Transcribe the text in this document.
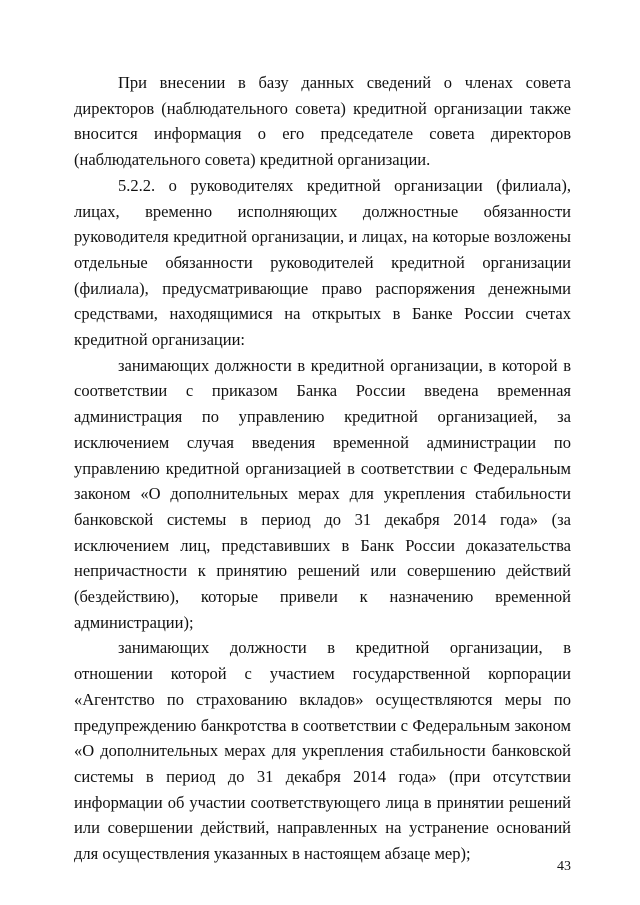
При внесении в базу данных сведений о членах совета директоров (наблюдательного совета) кредитной организации также вносится информация о его председателе совета директоров (наблюдательного совета) кредитной организации.

5.2.2. о руководителях кредитной организации (филиала), лицах, временно исполняющих должностные обязанности руководителя кредитной организации, и лицах, на которые возложены отдельные обязанности руководителей кредитной организации (филиала), предусматривающие право распоряжения денежными средствами, находящимися на открытых в Банке России счетах кредитной организации:

занимающих должности в кредитной организации, в которой в соответствии с приказом Банка России введена временная администрация по управлению кредитной организацией, за исключением случая введения временной администрации по управлению кредитной организацией в соответствии с Федеральным законом «О дополнительных мерах для укрепления стабильности банковской системы в период до 31 декабря 2014 года» (за исключением лиц, представивших в Банк России доказательства непричастности к принятию решений или совершению действий (бездействию), которые привели к назначению временной администрации);

занимающих должности в кредитной организации, в отношении которой с участием государственной корпорации «Агентство по страхованию вкладов» осуществляются меры по предупреждению банкротства в соответствии с Федеральным законом «О дополнительных мерах для укрепления стабильности банковской системы в период до 31 декабря 2014 года» (при отсутствии информации об участии соответствующего лица в принятии решений или совершении действий, направленных на устранение оснований для осуществления указанных в настоящем абзаце мер);

43
